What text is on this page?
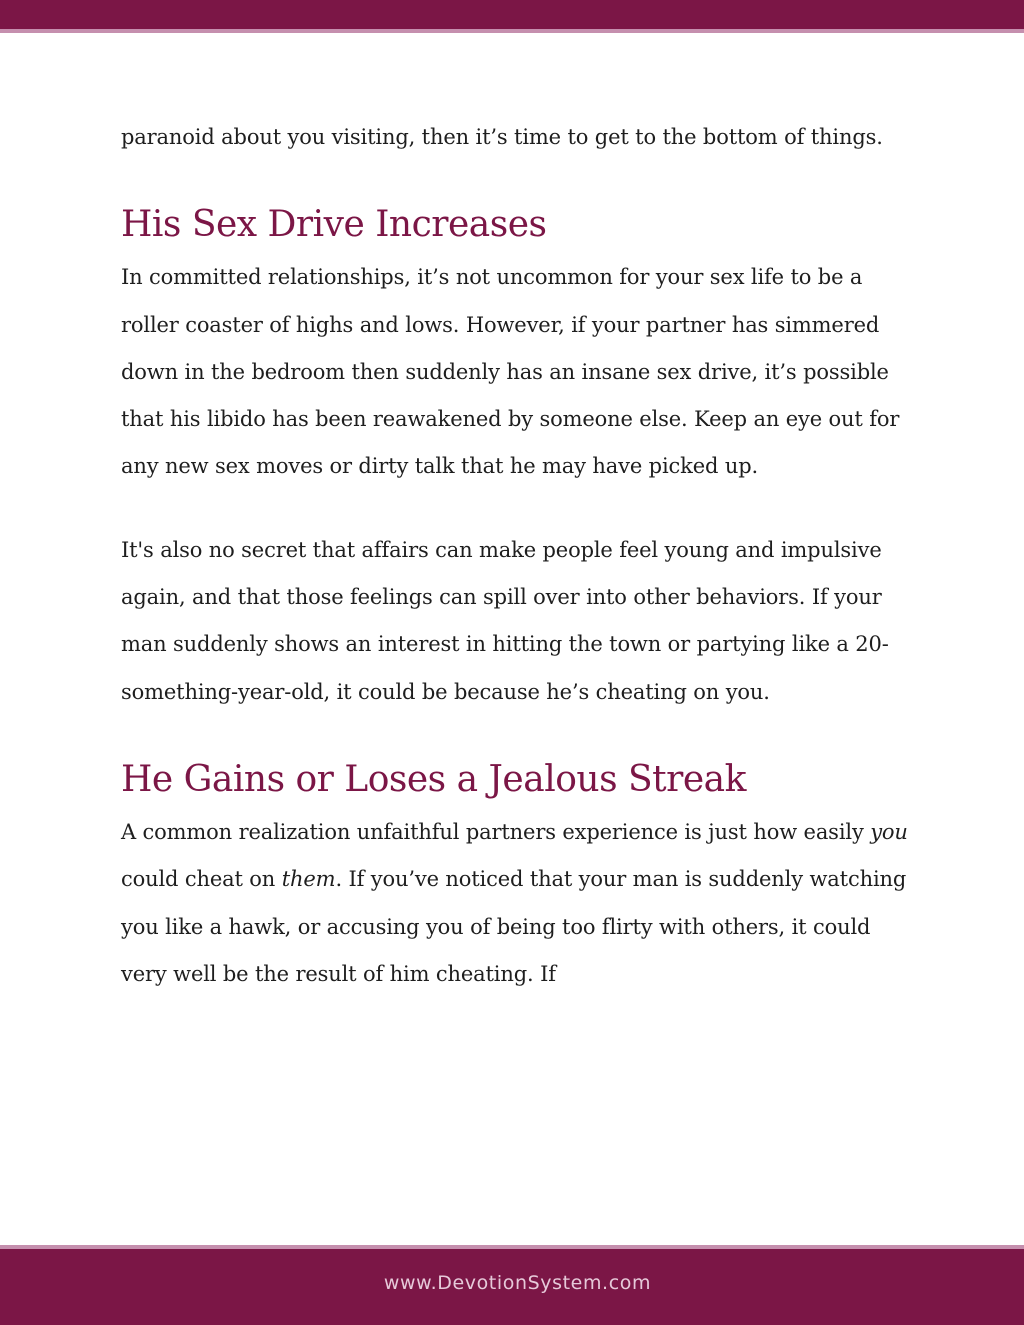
paranoid about you visiting, then it’s time to get to the bottom of things.

His Sex Drive Increases

In committed relationships, it’s not uncommon for your sex life to be a roller coaster of highs and lows. However, if your partner has simmered down in the bedroom then suddenly has an insane sex drive, it’s possible that his libido has been reawakened by someone else. Keep an eye out for any new sex moves or dirty talk that he may have picked up.

It's also no secret that affairs can make people feel young and impulsive again, and that those feelings can spill over into other behaviors. If your man suddenly shows an interest in hitting the town or partying like a 20-something-year-old, it could be because he’s cheating on you.

He Gains or Loses a Jealous Streak

A common realization unfaithful partners experience is just how easily you could cheat on them. If you’ve noticed that your man is suddenly watching you like a hawk, or accusing you of being too flirty with others, it could very well be the result of him cheating. If

www.DevotionSystem.com
